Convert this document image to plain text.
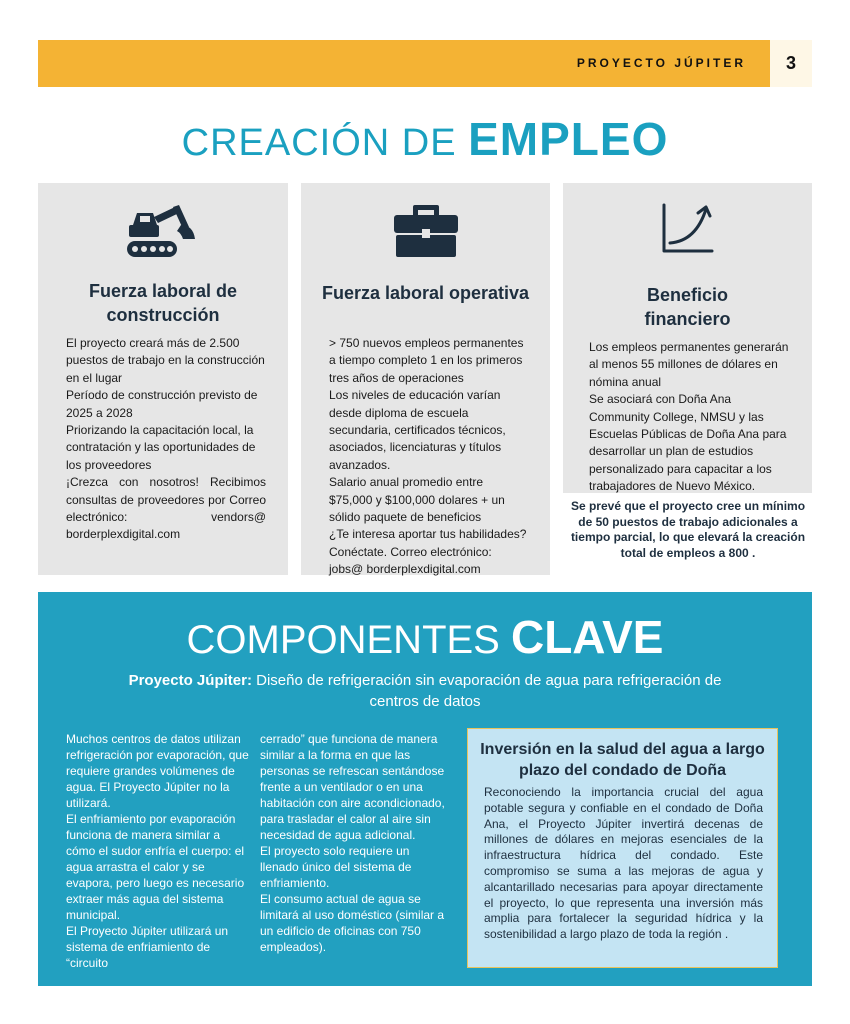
PROYECTO JÚPITER	3
CREACIÓN DE EMPLEO
Fuerza laboral de construcción

El proyecto creará más de 2.500 puestos de trabajo en la construcción en el lugar

Período de construcción previsto de 2025 a 2028

Priorizando la capacitación local, la contratación y las oportunidades de los proveedores

¡Crezca con nosotros! Recibimos consultas de proveedores por Correo electrónico: vendors@ borderplexdigital.com

Fuerza laboral operativa

> 750 nuevos empleos permanentes a tiempo completo 1 en los primeros tres años de operaciones

Los niveles de educación varían desde diploma de escuela secundaria, certificados técnicos, asociados, licenciaturas y títulos avanzados.

Salario anual promedio entre $75,000 y $100,000 dolares + un sólido paquete de beneficios

¿Te interesa aportar tus habilidades? Conéctate. Correo electrónico: jobs@ borderplexdigital.com

Beneficio financiero

Los empleos permanentes generarán al menos 55 millones de dólares en nómina anual

Se asociará con Doña Ana Community College, NMSU y las Escuelas Públicas de Doña Ana para desarrollar un plan de estudios personalizado para capacitar a los trabajadores de Nuevo México.

Se prevé que el proyecto cree un mínimo de 50 puestos de trabajo adicionales a tiempo parcial, lo que elevará la creación total de empleos a 800 .
COMPONENTES CLAVE
Proyecto Júpiter: Diseño de refrigeración sin evaporación de agua para refrigeración de centros de datos

Muchos centros de datos utilizan refrigeración por evaporación, que requiere grandes volúmenes de agua. El Proyecto Júpiter no la utilizará.

El enfriamiento por evaporación funciona de manera similar a cómo el sudor enfría el cuerpo: el agua arrastra el calor y se evapora, pero luego es necesario extraer más agua del sistema municipal.

El Proyecto Júpiter utilizará un sistema de enfriamiento de “circuito

cerrado” que funciona de manera similar a la forma en que las personas se refrescan sentándose frente a un ventilador o en una habitación con aire acondicionado, para trasladar el calor al aire sin necesidad de agua adicional.

El proyecto solo requiere un llenado único del sistema de enfriamiento.

El consumo actual de agua se limitará al uso doméstico (similar a un edificio de oficinas con 750 empleados).

Inversión en la salud del agua a largo plazo del condado de Doña

Reconociendo la importancia crucial del agua potable segura y confiable en el condado de Doña Ana, el Proyecto Júpiter invertirá decenas de millones de dólares en mejoras esenciales de la infraestructura hídrica del condado. Este compromiso se suma a las mejoras de agua y alcantarillado necesarias para apoyar directamente el proyecto, lo que representa una inversión más amplia para fortalecer la seguridad hídrica y la sostenibilidad a largo plazo de toda la región .
